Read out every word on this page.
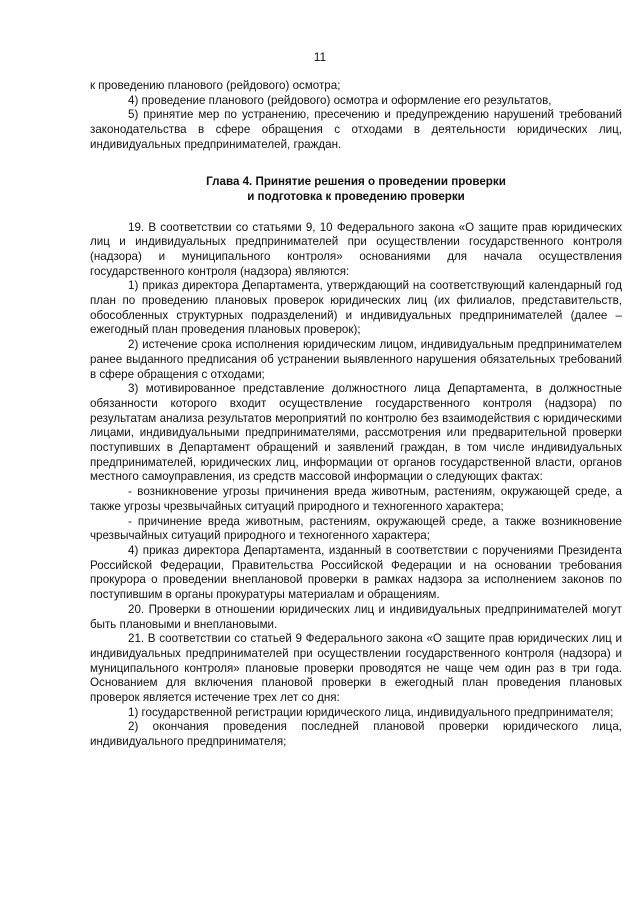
11

к проведению планового (рейдового) осмотра;

4) проведение планового (рейдового) осмотра и оформление его результатов,

5) принятие мер по устранению, пресечению и предупреждению нарушений требований законодательства в сфере обращения с отходами в деятельности юридических лиц, индивидуальных предпринимателей, граждан.

Глава 4. Принятие решения о проведении проверки
и подготовка к проведению проверки

19. В соответствии со статьями 9, 10 Федерального закона «О защите прав юридических лиц и индивидуальных предпринимателей при осуществлении государственного контроля (надзора) и муниципального контроля» основаниями для начала осуществления государственного контроля (надзора) являются:

1) приказ директора Департамента, утверждающий на соответствующий календарный год план по проведению плановых проверок юридических лиц (их филиалов, представительств, обособленных структурных подразделений) и индивидуальных предпринимателей (далее – ежегодный план проведения плановых проверок);

2) истечение срока исполнения юридическим лицом, индивидуальным предпринимателем ранее выданного предписания об устранении выявленного нарушения обязательных требований в сфере обращения с отходами;

3) мотивированное представление должностного лица Департамента, в должностные обязанности которого входит осуществление государственного контроля (надзора) по результатам анализа результатов мероприятий по контролю без взаимодействия с юридическими лицами, индивидуальными предпринимателями, рассмотрения или предварительной проверки поступивших в Департамент обращений и заявлений граждан, в том числе индивидуальных предпринимателей, юридических лиц, информации от органов государственной власти, органов местного самоуправления, из средств массовой информации о следующих фактах:

- возникновение угрозы причинения вреда животным, растениям, окружающей среде, а также угрозы чрезвычайных ситуаций природного и техногенного характера;

- причинение вреда животным, растениям, окружающей среде, а также возникновение чрезвычайных ситуаций природного и техногенного характера;

4) приказ директора Департамента, изданный в соответствии с поручениями Президента Российской Федерации, Правительства Российской Федерации и на основании требования прокурора о проведении внеплановой проверки в рамках надзора за исполнением законов по поступившим в органы прокуратуры материалам и обращениям.

20. Проверки в отношении юридических лиц и индивидуальных предпринимателей могут быть плановыми и внеплановыми.

21. В соответствии со статьей 9 Федерального закона «О защите прав юридических лиц и индивидуальных предпринимателей при осуществлении государственного контроля (надзора) и муниципального контроля» плановые проверки проводятся не чаще чем один раз в три года. Основанием для включения плановой проверки в ежегодный план проведения плановых проверок является истечение трех лет со дня:

1) государственной регистрации юридического лица, индивидуального предпринимателя;

2) окончания проведения последней плановой проверки юридического лица, индивидуального предпринимателя;
